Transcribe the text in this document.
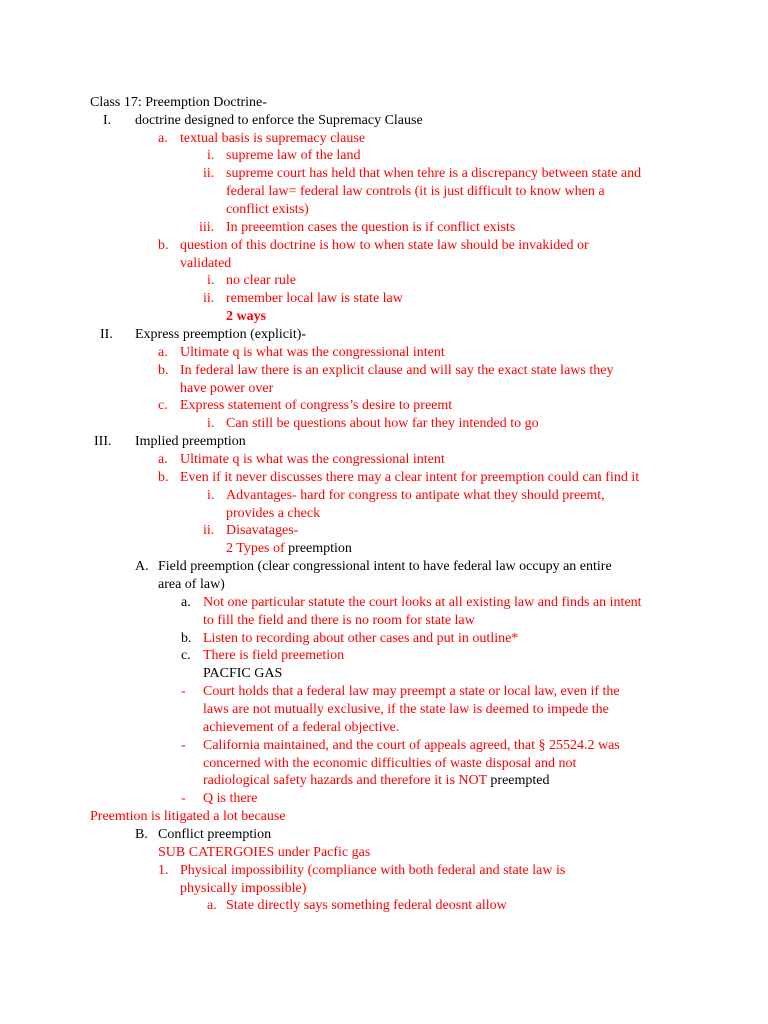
Class 17: Preemption Doctrine-
I. doctrine designed to enforce the Supremacy Clause
a. textual basis is supremacy clause
i. supreme law of the land
ii. supreme court has held that when tehre is a discrepancy between state and
federal law= federal law controls (it is just difficult to know when a
conflict exists)
iii. In preeemtion cases the question is if conflict exists
b. question of this doctrine is how to when state law should be invakided or
validated
i. no clear rule
ii. remember local law is state law
2 ways
II. Express preemption (explicit)-
a. Ultimate q is what was the congressional intent
b. In federal law there is an explicit clause and will say the exact state laws they
have power over
c. Express statement of congress’s desire to preemt
i. Can still be questions about how far they intended to go
III. Implied preemption
a. Ultimate q is what was the congressional intent
b. Even if it never discusses there may a clear intent for preemption could can find it
i. Advantages- hard for congress to antipate what they should preemt,
provides a check
ii. Disavatages-
2 Types of preemption
A. Field preemption (clear congressional intent to have federal law occupy an entire
area of law)
a. Not one particular statute the court looks at all existing law and finds an intent
to fill the field and there is no room for state law
b. Listen to recording about other cases and put in outline*
c. There is field preemetion
PACFIC GAS
- Court holds that a federal law may preempt a state or local law, even if the
laws are not mutually exclusive, if the state law is deemed to impede the
achievement of a federal objective.
- California maintained, and the court of appeals agreed, that § 25524.2 was
concerned with the economic difficulties of waste disposal and not
radiological safety hazards and therefore it is NOT preempted
- Q is there
Preemtion is litigated a lot because
B. Conflict preemption
SUB CATERGOIES under Pacfic gas
1. Physical impossibility (compliance with both federal and state law is
physically impossible)
a. State directly says something federal deosnt allow
